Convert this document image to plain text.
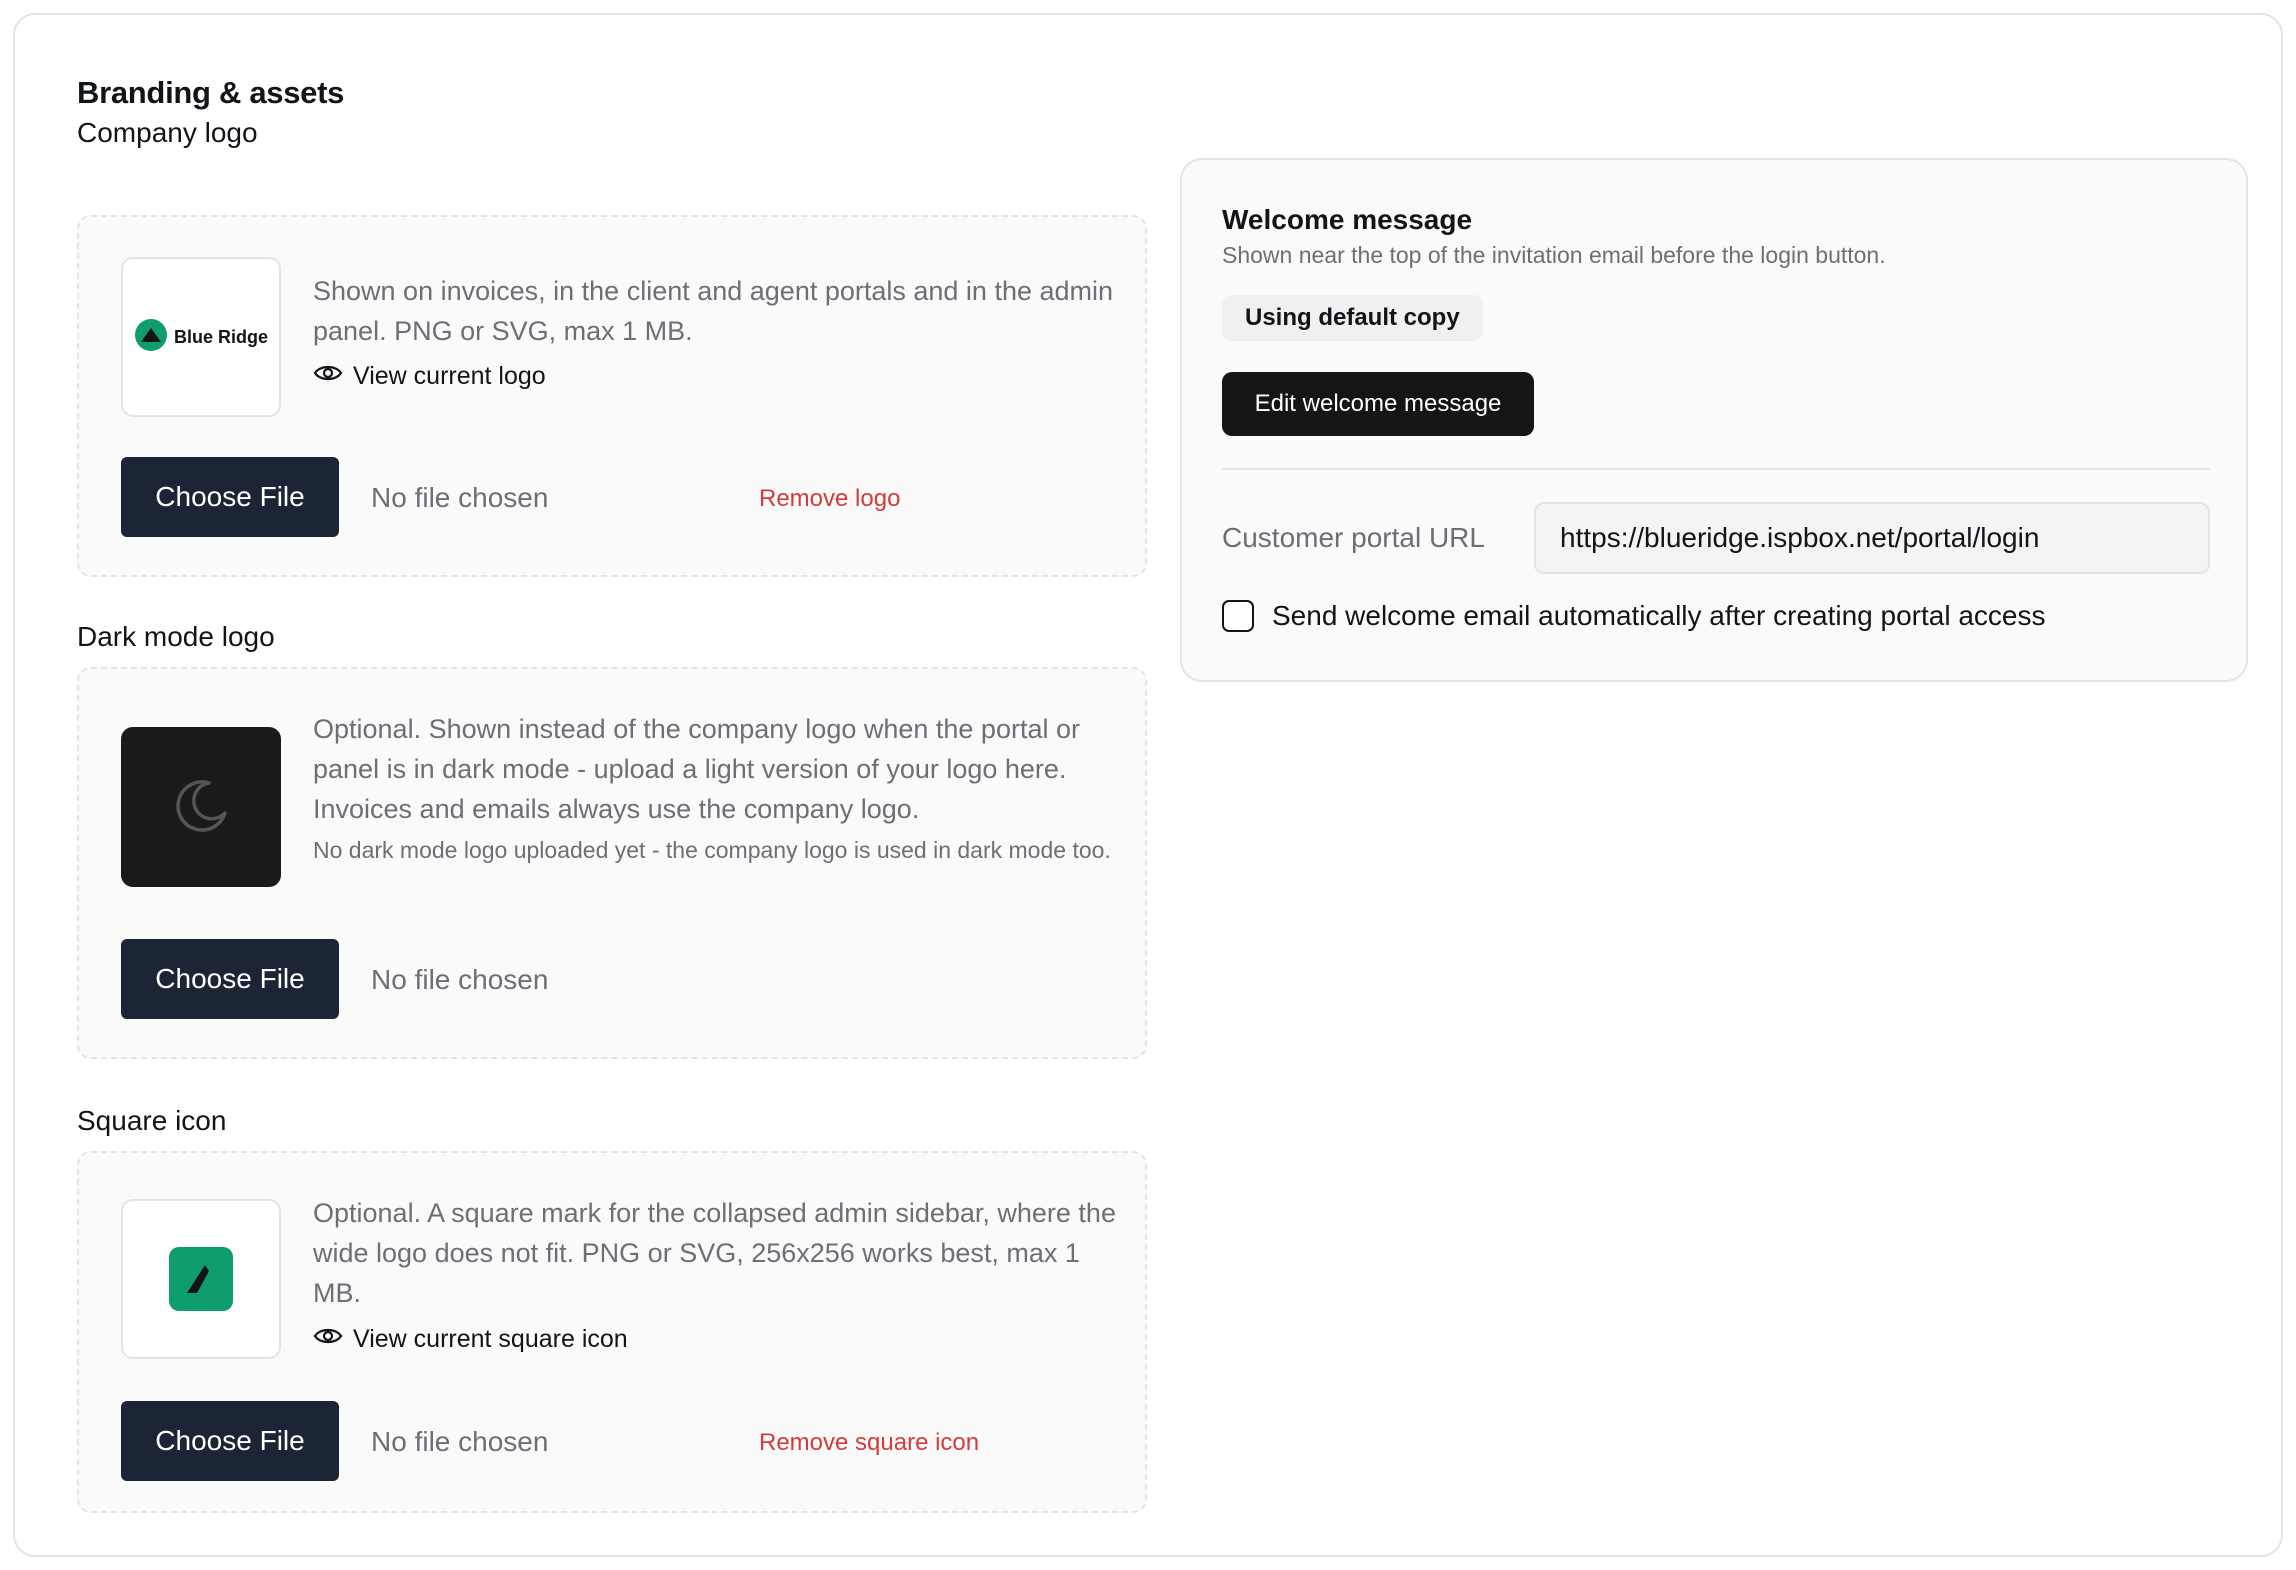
Branding & assets
Company logo
Blue Ridge
Shown on invoices, in the client and agent portals and in the admin panel. PNG or SVG, max 1 MB.
View current logo
Choose File	No file chosen	Remove logo
Dark mode logo
Optional. Shown instead of the company logo when the portal or panel is in dark mode - upload a light version of your logo here. Invoices and emails always use the company logo.
No dark mode logo uploaded yet - the company logo is used in dark mode too.
Choose File	No file chosen
Square icon
Optional. A square mark for the collapsed admin sidebar, where the wide logo does not fit. PNG or SVG, 256x256 works best, max 1 MB.
View current square icon
Choose File	No file chosen	Remove square icon
Welcome message
Shown near the top of the invitation email before the login button.
Using default copy
Edit welcome message
Customer portal URL
https://blueridge.ispbox.net/portal/login
Send welcome email automatically after creating portal access
